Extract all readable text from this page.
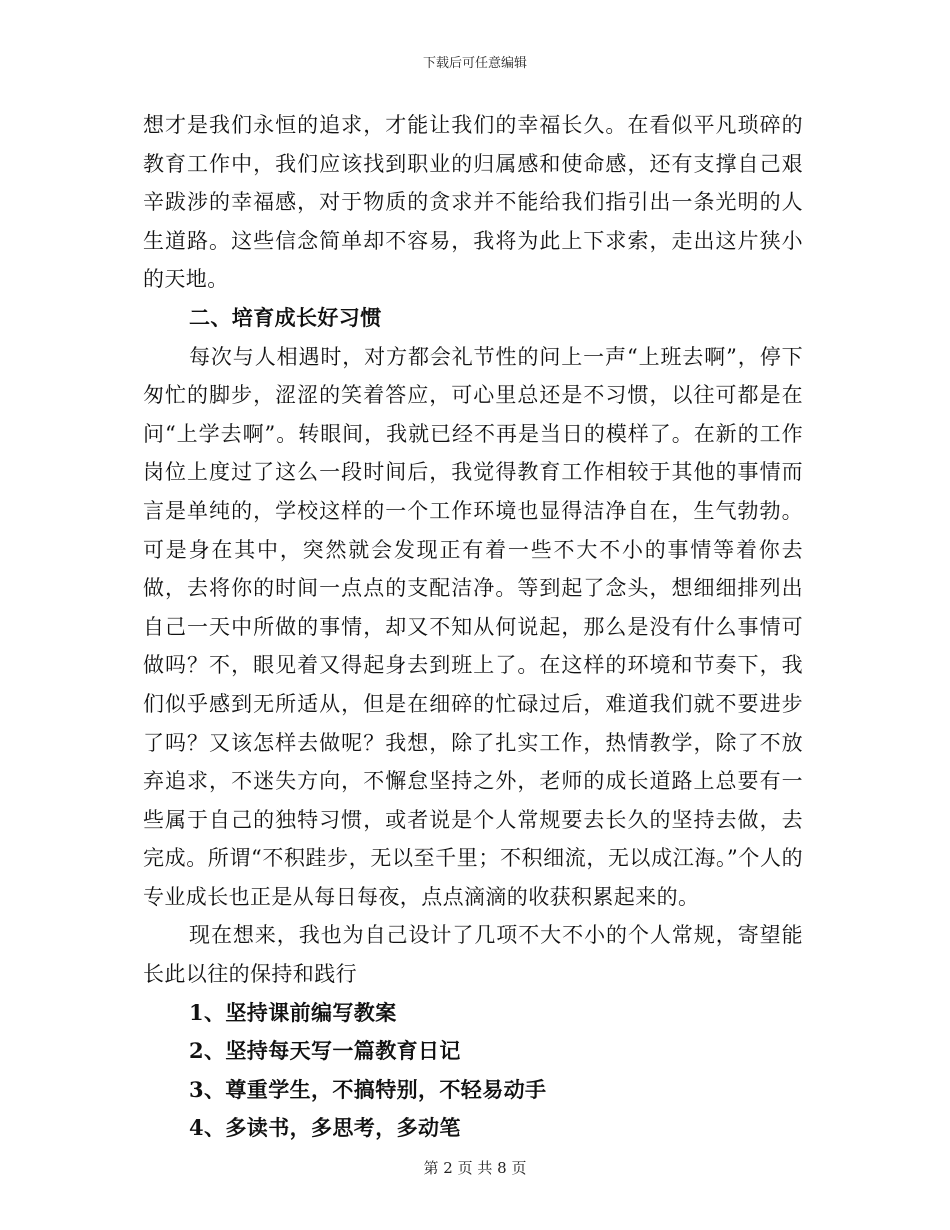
下载后可任意编辑

想才是我们永恒的追求，才能让我们的幸福长久。在看似平凡琐碎的教育工作中，我们应该找到职业的归属感和使命感，还有支撑自己艰辛跋涉的幸福感，对于物质的贪求并不能给我们指引出一条光明的人生道路。这些信念简单却不容易，我将为此上下求索，走出这片狭小的天地。

二、培育成长好习惯

每次与人相遇时，对方都会礼节性的问上一声“上班去啊”，停下匆忙的脚步，涩涩的笑着答应，可心里总还是不习惯，以往可都是在问“上学去啊”。转眼间，我就已经不再是当日的模样了。在新的工作岗位上度过了这么一段时间后，我觉得教育工作相较于其他的事情而言是单纯的，学校这样的一个工作环境也显得洁净自在，生气勃勃。可是身在其中，突然就会发现正有着一些不大不小的事情等着你去做，去将你的时间一点点的支配洁净。等到起了念头，想细细排列出自己一天中所做的事情，却又不知从何说起，那么是没有什么事情可做吗？不，眼见着又得起身去到班上了。在这样的环境和节奏下，我们似乎感到无所适从，但是在细碎的忙碌过后，难道我们就不要进步了吗？又该怎样去做呢？我想，除了扎实工作，热情教学，除了不放弃追求，不迷失方向，不懈怠坚持之外，老师的成长道路上总要有一些属于自己的独特习惯，或者说是个人常规要去长久的坚持去做，去完成。所谓“不积跬步，无以至千里；不积细流，无以成江海。”个人的专业成长也正是从每日每夜，点点滴滴的收获积累起来的。

现在想来，我也为自己设计了几项不大不小的个人常规，寄望能长此以往的保持和践行

1、坚持课前编写教案

2、坚持每天写一篇教育日记

3、尊重学生，不搞特别，不轻易动手

4、多读书，多思考，多动笔

第 2 页 共 8 页
